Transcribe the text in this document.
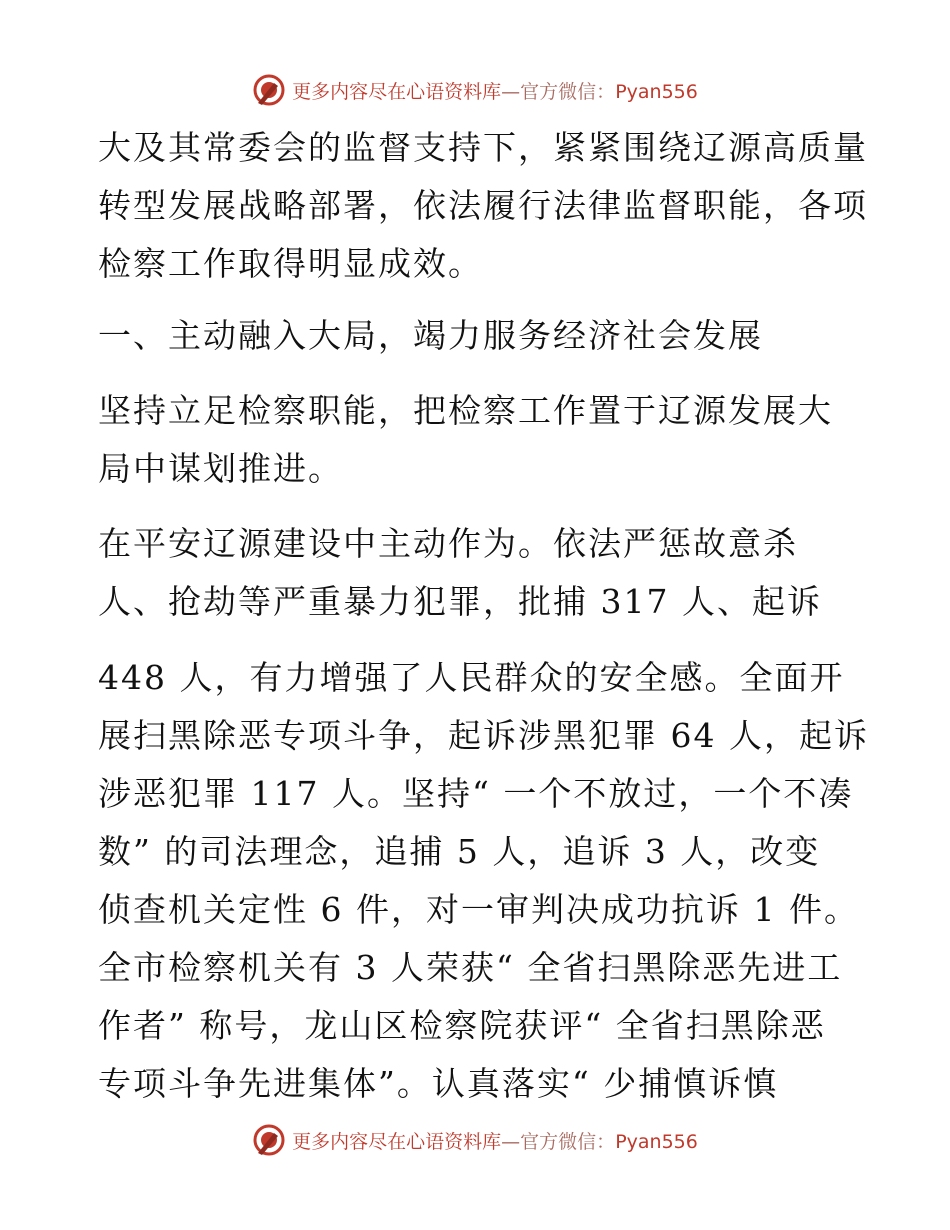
更多内容尽在心语资料库—官方微信：Pyan556
大及其常委会的监督支持下，紧紧围绕辽源高质量
转型发展战略部署，依法履行法律监督职能，各项
检察工作取得明显成效。
一、主动融入大局，竭力服务经济社会发展
坚持立足检察职能，把检察工作置于辽源发展大
局中谋划推进。
在平安辽源建设中主动作为。依法严惩故意杀
人、抢劫等严重暴力犯罪，批捕 317 人、起诉
448 人，有力增强了人民群众的安全感。全面开
展扫黑除恶专项斗争，起诉涉黑犯罪 64 人，起诉
涉恶犯罪 117 人。坚持“ 一个不放过，一个不凑
数” 的司法理念，追捕 5 人，追诉 3 人，改变
侦查机关定性 6 件，对一审判决成功抗诉 1 件。
全市检察机关有 3 人荣获“ 全省扫黑除恶先进工
作者” 称号，龙山区检察院获评“ 全省扫黑除恶
专项斗争先进集体”。认真落实“ 少捕慎诉慎
更多内容尽在心语资料库—官方微信：Pyan556
